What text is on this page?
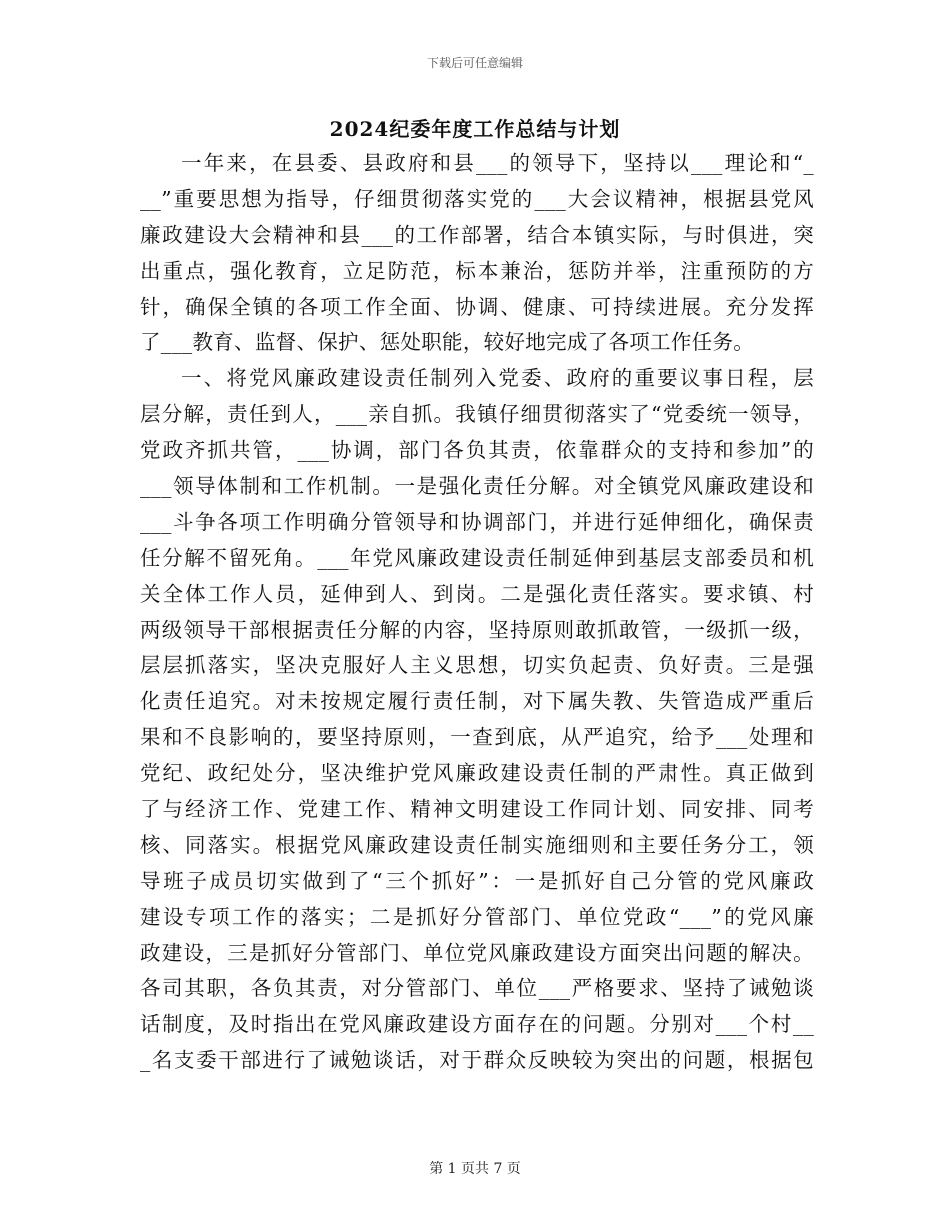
下载后可任意编辑
2024纪委年度工作总结与计划
一年来，在县委、县政府和县___的领导下，坚持以___理论和“_
__”重要思想为指导，仔细贯彻落实党的___大会议精神，根据县党风
廉政建设大会精神和县___的工作部署，结合本镇实际，与时俱进，突
出重点，强化教育，立足防范，标本兼治，惩防并举，注重预防的方
针，确保全镇的各项工作全面、协调、健康、可持续进展。充分发挥
了___教育、监督、保护、惩处职能，较好地完成了各项工作任务。
一、将党风廉政建设责任制列入党委、政府的重要议事日程，层
层分解，责任到人，___亲自抓。我镇仔细贯彻落实了“党委统一领导，
党政齐抓共管，___协调，部门各负其责，依靠群众的支持和参加”的
___领导体制和工作机制。一是强化责任分解。对全镇党风廉政建设和
___斗争各项工作明确分管领导和协调部门，并进行延伸细化，确保责
任分解不留死角。___年党风廉政建设责任制延伸到基层支部委员和机
关全体工作人员，延伸到人、到岗。二是强化责任落实。要求镇、村
两级领导干部根据责任分解的内容，坚持原则敢抓敢管，一级抓一级，
层层抓落实，坚决克服好人主义思想，切实负起责、负好责。三是强
化责任追究。对未按规定履行责任制，对下属失教、失管造成严重后
果和不良影响的，要坚持原则，一查到底，从严追究，给予___处理和
党纪、政纪处分，坚决维护党风廉政建设责任制的严肃性。真正做到
了与经济工作、党建工作、精神文明建设工作同计划、同安排、同考
核、同落实。根据党风廉政建设责任制实施细则和主要任务分工，领
导班子成员切实做到了“三个抓好”：一是抓好自己分管的党风廉政
建设专项工作的落实；二是抓好分管部门、单位党政“___”的党风廉
政建设，三是抓好分管部门、单位党风廉政建设方面突出问题的解决。
各司其职，各负其责，对分管部门、单位___严格要求、坚持了诫勉谈
话制度，及时指出在党风廉政建设方面存在的问题。分别对___个村__
_名支委干部进行了诫勉谈话，对于群众反映较为突出的问题，根据包
第 1 页共 7 页
